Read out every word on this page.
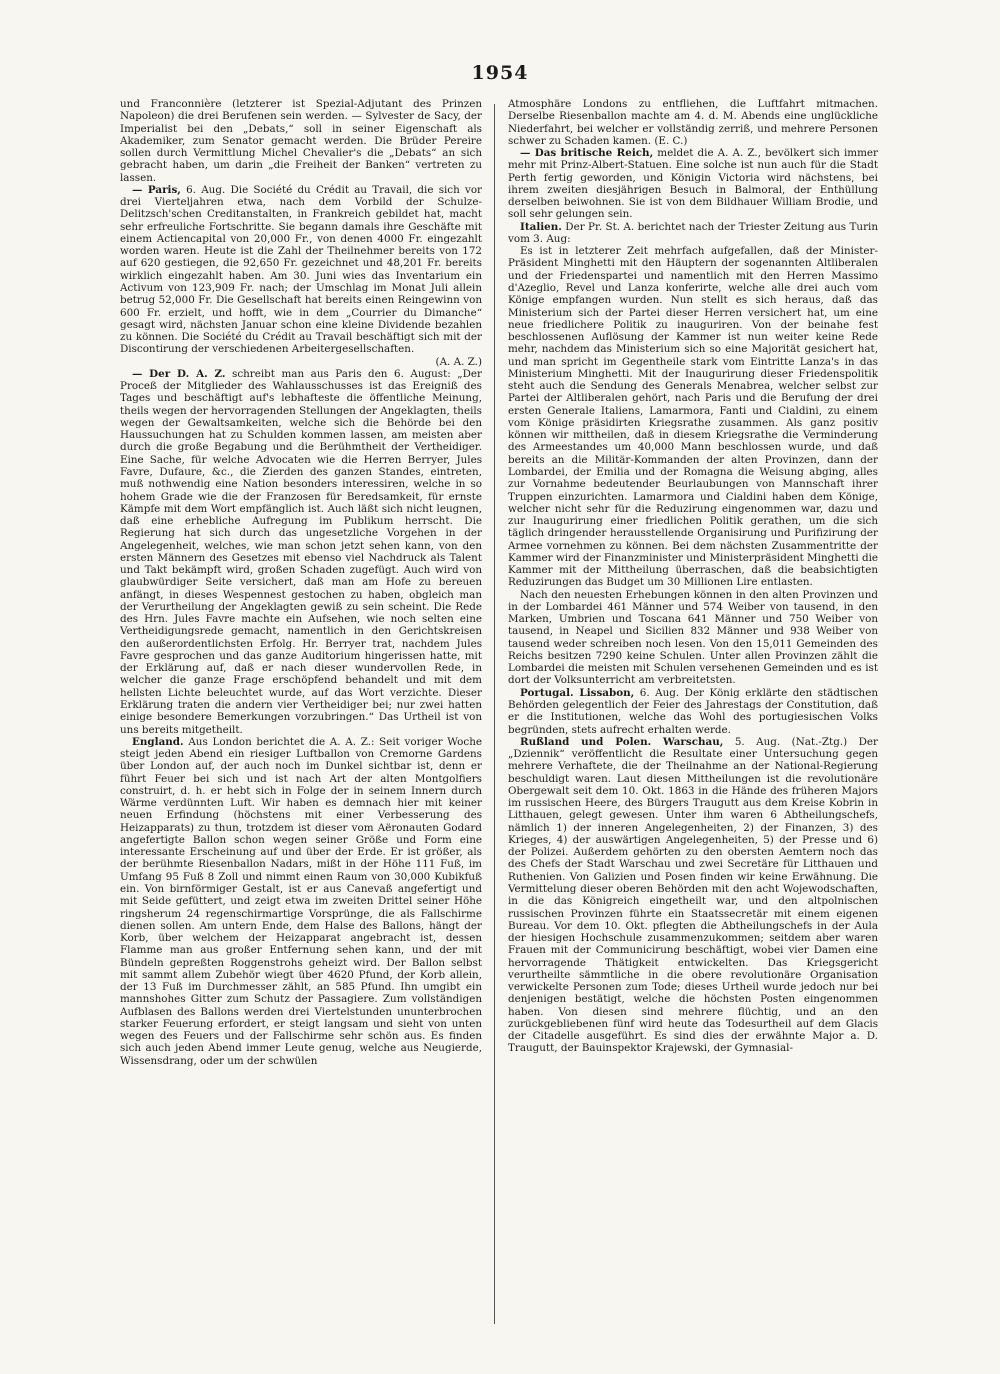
1954

und Franconnière (letzterer ist Spezial-Adjutant des Prinzen Napoleon) die drei Berufenen sein werden. — Sylvester de Sacy, der Imperialist bei den „Debats,“ soll in seiner Eigenschaft als Akademiker, zum Senator gemacht werden. Die Brüder Pereire sollen durch Vermittlung Michel Chevalier's die „Debats“ an sich gebracht haben, um darin „die Freiheit der Banken“ vertreten zu lassen.

— Paris, 6. Aug. Die Société du Crédit au Travail, die sich vor drei Vierteljahren etwa, nach dem Vorbild der Schulze-Delitzsch'schen Creditanstalten, in Frankreich gebildet hat, macht sehr erfreuliche Fortschritte. Sie begann damals ihre Geschäfte mit einem Actiencapital von 20,000 Fr., von denen 4000 Fr. eingezahlt worden waren. Heute ist die Zahl der Theilnehmer bereits von 172 auf 620 gestiegen, die 92,650 Fr. gezeichnet und 48,201 Fr. bereits wirklich eingezahlt haben. Am 30. Juni wies das Inventarium ein Activum von 123,909 Fr. nach; der Umschlag im Monat Juli allein betrug 52,000 Fr. Die Gesellschaft hat bereits einen Reingewinn von 600 Fr. erzielt, und hofft, wie in dem „Courrier du Dimanche“ gesagt wird, nächsten Januar schon eine kleine Dividende bezahlen zu können. Die Société du Crédit au Travail beschäftigt sich mit der Discontirung der verschiedenen Arbeitergesellschaften.

(A. A. Z.)

— Der D. A. Z. schreibt man aus Paris den 6. August: „Der Proceß der Mitglieder des Wahlausschusses ist das Ereigniß des Tages und beschäftigt auf's lebhafteste die öffentliche Meinung, theils wegen der hervorragenden Stellungen der Angeklagten, theils wegen der Gewaltsamkeiten, welche sich die Behörde bei den Haussuchungen hat zu Schulden kommen lassen, am meisten aber durch die große Begabung und die Berühmtheit der Vertheidiger. Eine Sache, für welche Advocaten wie die Herren Berryer, Jules Favre, Dufaure, &c., die Zierden des ganzen Standes, eintreten, muß nothwendig eine Nation besonders interessiren, welche in so hohem Grade wie die der Franzosen für Beredsamkeit, für ernste Kämpfe mit dem Wort empfänglich ist. Auch läßt sich nicht leugnen, daß eine erhebliche Aufregung im Publikum herrscht. Die Regierung hat sich durch das ungesetzliche Vorgehen in der Angelegenheit, welches, wie man schon jetzt sehen kann, von den ersten Männern des Gesetzes mit ebenso viel Nachdruck als Talent und Takt bekämpft wird, großen Schaden zugefügt. Auch wird von glaubwürdiger Seite versichert, daß man am Hofe zu bereuen anfängt, in dieses Wespennest gestochen zu haben, obgleich man der Verurtheilung der Angeklagten gewiß zu sein scheint. Die Rede des Hrn. Jules Favre machte ein Aufsehen, wie noch selten eine Vertheidigungsrede gemacht, namentlich in den Gerichtskreisen den außerordentlichsten Erfolg. Hr. Berryer trat, nachdem Jules Favre gesprochen und das ganze Auditorium hingerissen hatte, mit der Erklärung auf, daß er nach dieser wundervollen Rede, in welcher die ganze Frage erschöpfend behandelt und mit dem hellsten Lichte beleuchtet wurde, auf das Wort verzichte. Dieser Erklärung traten die andern vier Vertheidiger bei; nur zwei hatten einige besondere Bemerkungen vorzubringen.“ Das Urtheil ist von uns bereits mitgetheilt.

England. Aus London berichtet die A. A. Z.: Seit voriger Woche steigt jeden Abend ein riesiger Luftballon von Cremorne Gardens über London auf, der auch noch im Dunkel sichtbar ist, denn er führt Feuer bei sich und ist nach Art der alten Montgolfiers construirt, d. h. er hebt sich in Folge der in seinem Innern durch Wärme verdünnten Luft. Wir haben es demnach hier mit keiner neuen Erfindung (höchstens mit einer Verbesserung des Heizapparats) zu thun, trotzdem ist dieser vom Aëronauten Godard angefertigte Ballon schon wegen seiner Größe und Form eine interessante Erscheinung auf und über der Erde. Er ist größer, als der berühmte Riesenballon Nadars, mißt in der Höhe 111 Fuß, im Umfang 95 Fuß 8 Zoll und nimmt einen Raum von 30,000 Kubikfuß ein. Von birnförmiger Gestalt, ist er aus Canevaß angefertigt und mit Seide gefüttert, und zeigt etwa im zweiten Drittel seiner Höhe ringsherum 24 regenschirmartige Vorsprünge, die als Fallschirme dienen sollen. Am untern Ende, dem Halse des Ballons, hängt der Korb, über welchem der Heizapparat angebracht ist, dessen Flamme man aus großer Entfernung sehen kann, und der mit Bündeln gepreßten Roggenstrohs geheizt wird. Der Ballon selbst mit sammt allem Zubehör wiegt über 4620 Pfund, der Korb allein, der 13 Fuß im Durchmesser zählt, an 585 Pfund. Ihn umgibt ein mannshohes Gitter zum Schutz der Passagiere. Zum vollständigen Aufblasen des Ballons werden drei Viertelstunden ununterbrochen starker Feuerung erfordert, er steigt langsam und sieht von unten wegen des Feuers und der Fallschirme sehr schön aus. Es finden sich auch jeden Abend immer Leute genug, welche aus Neugierde, Wissensdrang, oder um der schwülen

Atmosphäre Londons zu entfliehen, die Luftfahrt mitmachen. Derselbe Riesenballon machte am 4. d. M. Abends eine unglückliche Niederfahrt, bei welcher er vollständig zerriß, und mehrere Personen schwer zu Schaden kamen. (E. C.)

— Das britische Reich, meldet die A. A. Z., bevölkert sich immer mehr mit Prinz-Albert-Statuen. Eine solche ist nun auch für die Stadt Perth fertig geworden, und Königin Victoria wird nächstens, bei ihrem zweiten diesjährigen Besuch in Balmoral, der Enthüllung derselben beiwohnen. Sie ist von dem Bildhauer William Brodie, und soll sehr gelungen sein.

Italien. Der Pr. St. A. berichtet nach der Triester Zeitung aus Turin vom 3. Aug:

Es ist in letzterer Zeit mehrfach aufgefallen, daß der Minister-Präsident Minghetti mit den Häuptern der sogenannten Altliberalen und der Friedenspartei und namentlich mit den Herren Massimo d'Azeglio, Revel und Lanza konferirte, welche alle drei auch vom Könige empfangen wurden. Nun stellt es sich heraus, daß das Ministerium sich der Partei dieser Herren versichert hat, um eine neue friedlichere Politik zu inauguriren. Von der beinahe fest beschlossenen Auflösung der Kammer ist nun weiter keine Rede mehr, nachdem das Ministerium sich so eine Majorität gesichert hat, und man spricht im Gegentheile stark vom Eintritte Lanza's in das Ministerium Minghetti. Mit der Inaugurirung dieser Friedenspolitik steht auch die Sendung des Generals Menabrea, welcher selbst zur Partei der Altliberalen gehört, nach Paris und die Berufung der drei ersten Generale Italiens, Lamarmora, Fanti und Cialdini, zu einem vom Könige präsidirten Kriegsrathe zusammen. Als ganz positiv können wir mittheilen, daß in diesem Kriegsrathe die Verminderung des Armeestandes um 40,000 Mann beschlossen wurde, und daß bereits an die Militär-Kommanden der alten Provinzen, dann der Lombardei, der Emilia und der Romagna die Weisung abging, alles zur Vornahme bedeutender Beurlaubungen von Mannschaft ihrer Truppen einzurichten. Lamarmora und Cialdini haben dem Könige, welcher nicht sehr für die Reduzirung eingenommen war, dazu und zur Inaugurirung einer friedlichen Politik gerathen, um die sich täglich dringender herausstellende Organisirung und Purifizirung der Armee vornehmen zu können. Bei dem nächsten Zusammentritte der Kammer wird der Finanzminister und Ministerpräsident Minghetti die Kammer mit der Mittheilung überraschen, daß die beabsichtigten Reduzirungen das Budget um 30 Millionen Lire entlasten.

Nach den neuesten Erhebungen können in den alten Provinzen und in der Lombardei 461 Männer und 574 Weiber von tausend, in den Marken, Umbrien und Toscana 641 Männer und 750 Weiber von tausend, in Neapel und Sicilien 832 Männer und 938 Weiber von tausend weder schreiben noch lesen. Von den 15,011 Gemeinden des Reichs besitzen 7290 keine Schulen. Unter allen Provinzen zählt die Lombardei die meisten mit Schulen versehenen Gemeinden und es ist dort der Volksunterricht am verbreitetsten.

Portugal. Lissabon, 6. Aug. Der König erklärte den städtischen Behörden gelegentlich der Feier des Jahrestags der Constitution, daß er die Institutionen, welche das Wohl des portugiesischen Volks begründen, stets aufrecht erhalten werde.

Rußland und Polen. Warschau, 5. Aug. (Nat.-Ztg.) Der „Dziennik“ veröffentlicht die Resultate einer Untersuchung gegen mehrere Verhaftete, die der Theilnahme an der National-Regierung beschuldigt waren. Laut diesen Mittheilungen ist die revolutionäre Obergewalt seit dem 10. Okt. 1863 in die Hände des früheren Majors im russischen Heere, des Bürgers Traugutt aus dem Kreise Kobrin in Litthauen, gelegt gewesen. Unter ihm waren 6 Abtheilungschefs, nämlich 1) der inneren Angelegenheiten, 2) der Finanzen, 3) des Krieges, 4) der auswärtigen Angelegenheiten, 5) der Presse und 6) der Polizei. Außerdem gehörten zu den obersten Aemtern noch das des Chefs der Stadt Warschau und zwei Secretäre für Litthauen und Ruthenien. Von Galizien und Posen finden wir keine Erwähnung. Die Vermittelung dieser oberen Behörden mit den acht Wojewodschaften, in die das Königreich eingetheilt war, und den altpolnischen russischen Provinzen führte ein Staatssecretär mit einem eigenen Bureau. Vor dem 10. Okt. pflegten die Abtheilungschefs in der Aula der hiesigen Hochschule zusammenzukommen; seitdem aber waren Frauen mit der Communicirung beschäftigt, wobei vier Damen eine hervorragende Thätigkeit entwickelten. Das Kriegsgericht verurtheilte sämmtliche in die obere revolutionäre Organisation verwickelte Personen zum Tode; dieses Urtheil wurde jedoch nur bei denjenigen bestätigt, welche die höchsten Posten eingenommen haben. Von diesen sind mehrere flüchtig, und an den zurückgebliebenen fünf wird heute das Todesurtheil auf dem Glacis der Citadelle ausgeführt. Es sind dies der erwähnte Major a. D. Traugutt, der Bauinspektor Krajewski, der Gymnasial-
